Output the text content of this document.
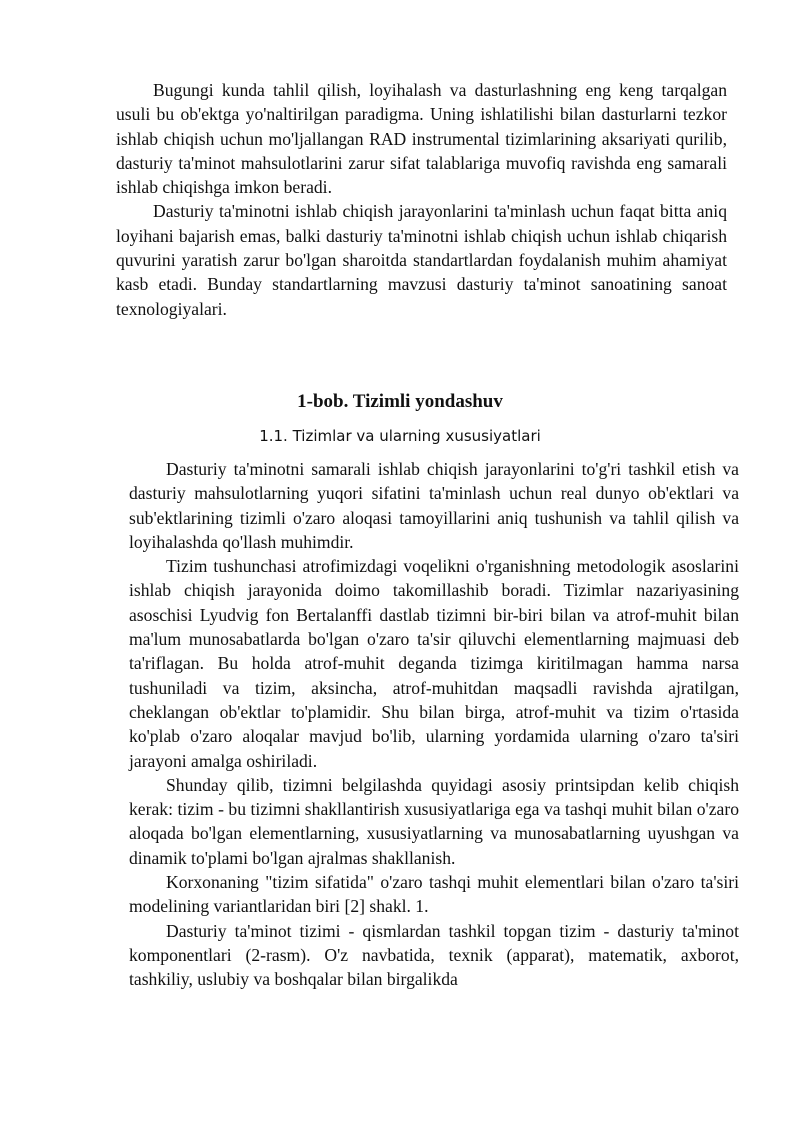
Bugungi kunda tahlil qilish, loyihalash va dasturlashning eng keng tarqalgan usuli bu ob'ektga yo'naltirilgan paradigma. Uning ishlatilishi bilan dasturlarni tezkor ishlab chiqish uchun mo'ljallangan RAD instrumental tizimlarining aksariyati qurilib, dasturiy ta'minot mahsulotlarini zarur sifat talablariga muvofiq ravishda eng samarali ishlab chiqishga imkon beradi.

Dasturiy ta'minotni ishlab chiqish jarayonlarini ta'minlash uchun faqat bitta aniq loyihani bajarish emas, balki dasturiy ta'minotni ishlab chiqish uchun ishlab chiqarish quvurini yaratish zarur bo'lgan sharoitda standartlardan foydalanish muhim ahamiyat kasb etadi. Bunday standartlarning mavzusi dasturiy ta'minot sanoatining sanoat texnologiyalari.

1-bob. Tizimli yondashuv
1.1. Tizimlar va ularning xususiyatlari

Dasturiy ta'minotni samarali ishlab chiqish jarayonlarini to'g'ri tashkil etish va dasturiy mahsulotlarning yuqori sifatini ta'minlash uchun real dunyo ob'ektlari va sub'ektlarining tizimli o'zaro aloqasi tamoyillarini aniq tushunish va tahlil qilish va loyihalashda qo'llash muhimdir.

Tizim tushunchasi atrofimizdagi voqelikni o'rganishning metodologik asoslarini ishlab chiqish jarayonida doimo takomillashib boradi. Tizimlar nazariyasining asoschisi Lyudvig fon Bertalanffi dastlab tizimni bir-biri bilan va atrof-muhit bilan ma'lum munosabatlarda bo'lgan o'zaro ta'sir qiluvchi elementlarning majmuasi deb ta'riflagan. Bu holda atrof-muhit deganda tizimga kiritilmagan hamma narsa tushuniladi va tizim, aksincha, atrof-muhitdan maqsadli ravishda ajratilgan, cheklangan ob'ektlar to'plamidir. Shu bilan birga, atrof-muhit va tizim o'rtasida ko'plab o'zaro aloqalar mavjud bo'lib, ularning yordamida ularning o'zaro ta'siri jarayoni amalga oshiriladi.

Shunday qilib, tizimni belgilashda quyidagi asosiy printsipdan kelib chiqish kerak: tizim - bu tizimni shakllantirish xususiyatlariga ega va tashqi muhit bilan o'zaro aloqada bo'lgan elementlarning, xususiyatlarning va munosabatlarning uyushgan va dinamik to'plami bo'lgan ajralmas shakllanish.

Korxonaning "tizim sifatida" o'zaro tashqi muhit elementlari bilan o'zaro ta'siri modelining variantlaridan biri [2] shakl. 1.

Dasturiy ta'minot tizimi - qismlardan tashkil topgan tizim - dasturiy ta'minot komponentlari (2-rasm). O'z navbatida, texnik (apparat), matematik, axborot, tashkiliy, uslubiy va boshqalar bilan birgalikda
